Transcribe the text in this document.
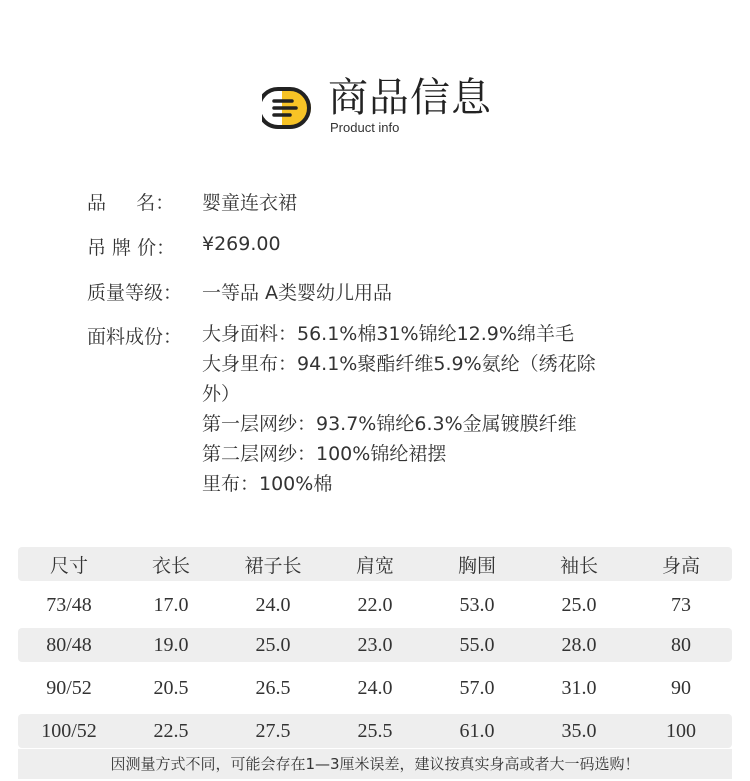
商品信息
Product info
品     名：	婴童连衣裙
吊 牌 价：	¥269.00
质量等级：	一等品 A类婴幼儿用品
面料成份：	大身面料：56.1%棉31%锦纶12.9%绵羊毛
大身里布：94.1%聚酯纤维5.9%氨纶（绣花除
外）
第一层网纱：93.7%锦纶6.3%金属镀膜纤维
第二层网纱：100%锦纶裙摆
里布：100%棉
尺寸	衣长	裙子长	肩宽	胸围	袖长	身高
73/48	17.0	24.0	22.0	53.0	25.0	73
80/48	19.0	25.0	23.0	55.0	28.0	80
90/52	20.5	26.5	24.0	57.0	31.0	90
100/52	22.5	27.5	25.5	61.0	35.0	100
因测量方式不同，可能会存在1—3厘米误差，建议按真实身高或者大一码选购！
